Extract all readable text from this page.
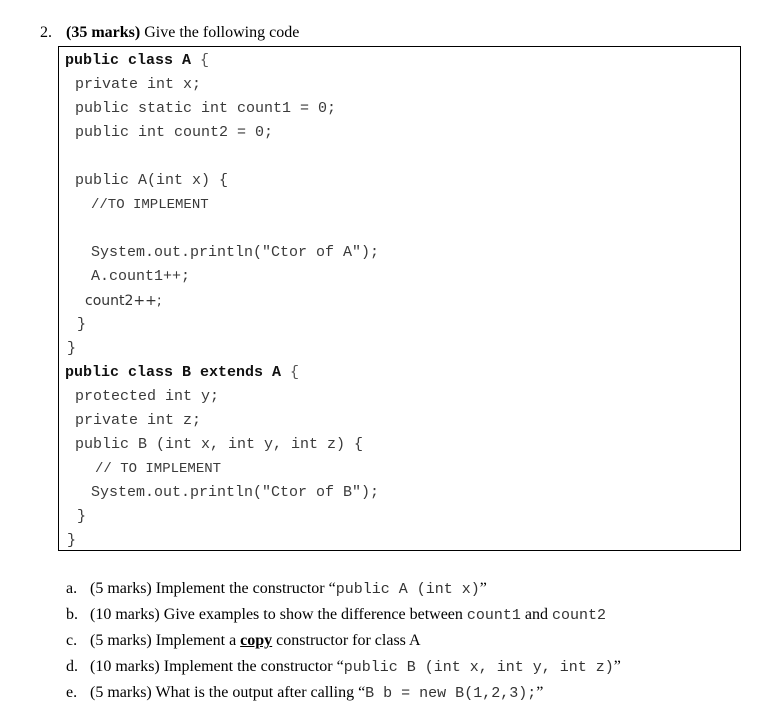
2. (35 marks) Give the following code
public class A {
private int x;
public static int count1 = 0;
public int count2 = 0;
public A(int x) {
//TO IMPLEMENT
System.out.println("Ctor of A");
A.count1++;
count2++;
}
}
public class B extends A {
protected int y;
private int z;
public B (int x, int y, int z) {
// TO IMPLEMENT
System.out.println("Ctor of B");
}
}
a. (5 marks) Implement the constructor “public A (int x)”
b. (10 marks) Give examples to show the difference between count1 and count2
c. (5 marks) Implement a copy constructor for class A
d. (10 marks) Implement the constructor “public B (int x, int y, int z)”
e. (5 marks) What is the output after calling “B b = new B(1,2,3);”
